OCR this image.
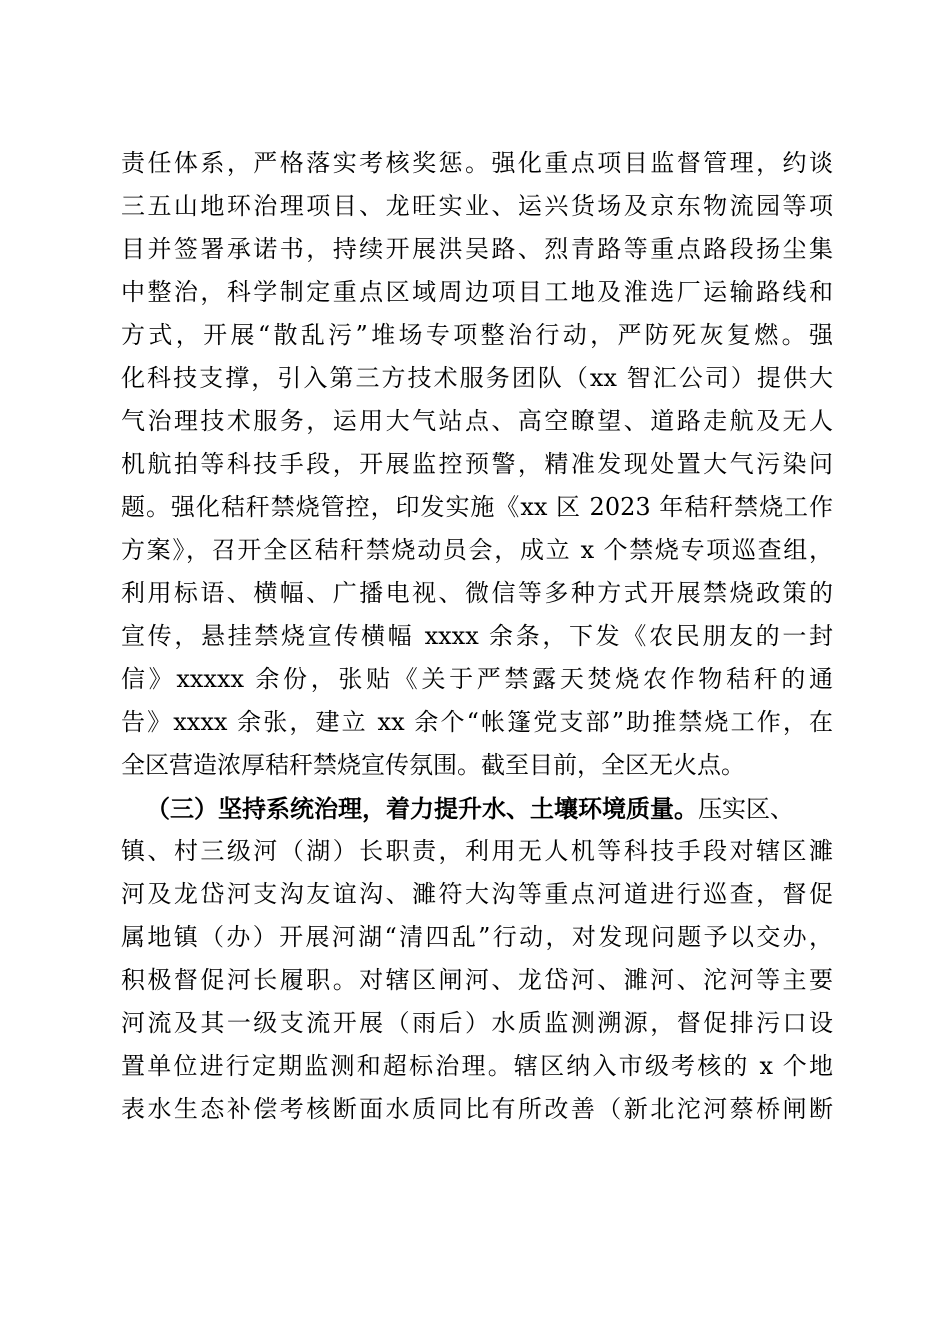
责任体系，严格落实考核奖惩。强化重点项目监督管理，约谈
三五山地环治理项目、龙旺实业、运兴货场及京东物流园等项
目并签署承诺书，持续开展洪吴路、烈青路等重点路段扬尘集
中整治，科学制定重点区域周边项目工地及淮选厂运输路线和
方式，开展“散乱污”堆场专项整治行动，严防死灰复燃。强
化科技支撑，引入第三方技术服务团队（xx 智汇公司）提供大
气治理技术服务，运用大气站点、高空瞭望、道路走航及无人
机航拍等科技手段，开展监控预警，精准发现处置大气污染问
题。强化秸秆禁烧管控，印发实施《xx 区 2023 年秸秆禁烧工作
方案》，召开全区秸秆禁烧动员会，成立 x 个禁烧专项巡查组，
利用标语、横幅、广播电视、微信等多种方式开展禁烧政策的
宣传，悬挂禁烧宣传横幅 xxxx 余条，下发《农民朋友的一封
信》xxxxx 余份，张贴《关于严禁露天焚烧农作物秸秆的通
告》xxxx 余张，建立 xx 余个“帐篷党支部”助推禁烧工作，在
全区营造浓厚秸秆禁烧宣传氛围。截至目前，全区无火点。
（三）坚持系统治理，着力提升水、土壤环境质量。压实区、
镇、村三级河（湖）长职责，利用无人机等科技手段对辖区濉
河及龙岱河支沟友谊沟、濉符大沟等重点河道进行巡查，督促
属地镇（办）开展河湖“清四乱”行动，对发现问题予以交办，
积极督促河长履职。对辖区闸河、龙岱河、濉河、沱河等主要
河流及其一级支流开展（雨后）水质监测溯源，督促排污口设
置单位进行定期监测和超标治理。辖区纳入市级考核的 x 个地
表水生态补偿考核断面水质同比有所改善（新北沱河蔡桥闸断
